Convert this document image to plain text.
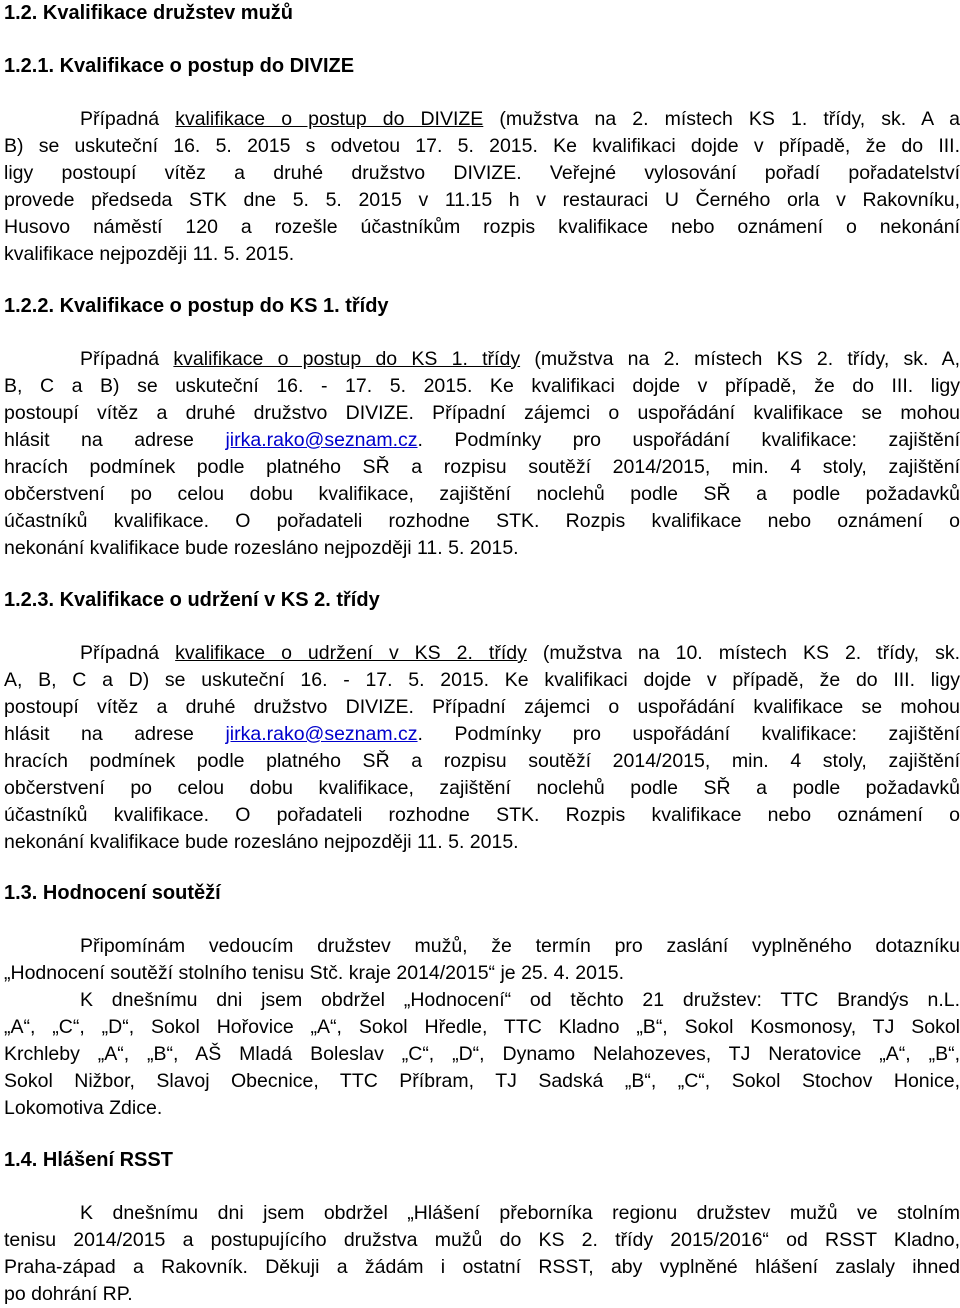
1.2. Kvalifikace družstev mužů
1.2.1. Kvalifikace o postup do DIVIZE
Případná kvalifikace o postup do DIVIZE (mužstva na 2. místech KS 1. třídy, sk. A a
B) se uskuteční 16. 5. 2015 s odvetou 17. 5. 2015. Ke kvalifikaci dojde v případě, že do III.
ligy postoupí vítěz a druhé družstvo DIVIZE. Veřejné vylosování pořadí pořadatelství
provede předseda STK dne 5. 5. 2015 v 11.15 h v restauraci U Černého orla v Rakovníku,
Husovo náměstí 120 a rozešle účastníkům rozpis kvalifikace nebo oznámení o nekonání
kvalifikace nejpozději 11. 5. 2015.
1.2.2. Kvalifikace o postup do KS 1. třídy
Případná kvalifikace o postup do KS 1. třídy (mužstva na 2. místech KS 2. třídy, sk. A,
B, C a B) se uskuteční 16. - 17. 5. 2015. Ke kvalifikaci dojde v případě, že do III. ligy
postoupí vítěz a druhé družstvo DIVIZE. Případní zájemci o uspořádání kvalifikace se mohou
hlásit na adrese jirka.rako@seznam.cz. Podmínky pro uspořádání kvalifikace: zajištění
hracích podmínek podle platného SŘ a rozpisu soutěží 2014/2015, min. 4 stoly, zajištění
občerstvení po celou dobu kvalifikace, zajištění noclehů podle SŘ a podle požadavků
účastníků kvalifikace. O pořadateli rozhodne STK. Rozpis kvalifikace nebo oznámení o
nekonání kvalifikace bude rozesláno nejpozději 11. 5. 2015.
1.2.3. Kvalifikace o udržení v KS 2. třídy
Případná kvalifikace o udržení v KS 2. třídy (mužstva na 10. místech KS 2. třídy, sk.
A, B, C a D) se uskuteční 16. - 17. 5. 2015. Ke kvalifikaci dojde v případě, že do III. ligy
postoupí vítěz a druhé družstvo DIVIZE. Případní zájemci o uspořádání kvalifikace se mohou
hlásit na adrese jirka.rako@seznam.cz. Podmínky pro uspořádání kvalifikace: zajištění
hracích podmínek podle platného SŘ a rozpisu soutěží 2014/2015, min. 4 stoly, zajištění
občerstvení po celou dobu kvalifikace, zajištění noclehů podle SŘ a podle požadavků
účastníků kvalifikace. O pořadateli rozhodne STK. Rozpis kvalifikace nebo oznámení o
nekonání kvalifikace bude rozesláno nejpozději 11. 5. 2015.
1.3. Hodnocení soutěží
Připomínám vedoucím družstev mužů, že termín pro zaslání vyplněného dotazníku
„Hodnocení soutěží stolního tenisu Stč. kraje 2014/2015“ je 25. 4. 2015.
K dnešnímu dni jsem obdržel „Hodnocení“ od těchto 21 družstev: TTC Brandýs n.L.
„A“, „C“, „D“, Sokol Hořovice „A“, Sokol Hředle, TTC Kladno „B“, Sokol Kosmonosy, TJ Sokol
Krchleby „A“, „B“, AŠ Mladá Boleslav „C“, „D“, Dynamo Nelahozeves, TJ Neratovice „A“, „B“,
Sokol Nižbor, Slavoj Obecnice, TTC Příbram, TJ Sadská „B“, „C“, Sokol Stochov Honice,
Lokomotiva Zdice.
1.4. Hlášení RSST
K dnešnímu dni jsem obdržel „Hlášení přeborníka regionu družstev mužů ve stolním
tenisu 2014/2015 a postupujícího družstva mužů do KS 2. třídy 2015/2016“ od RSST Kladno,
Praha-západ a Rakovník. Děkuji a žádám i ostatní RSST, aby vyplněné hlášení zaslaly ihned
po dohrání RP.
